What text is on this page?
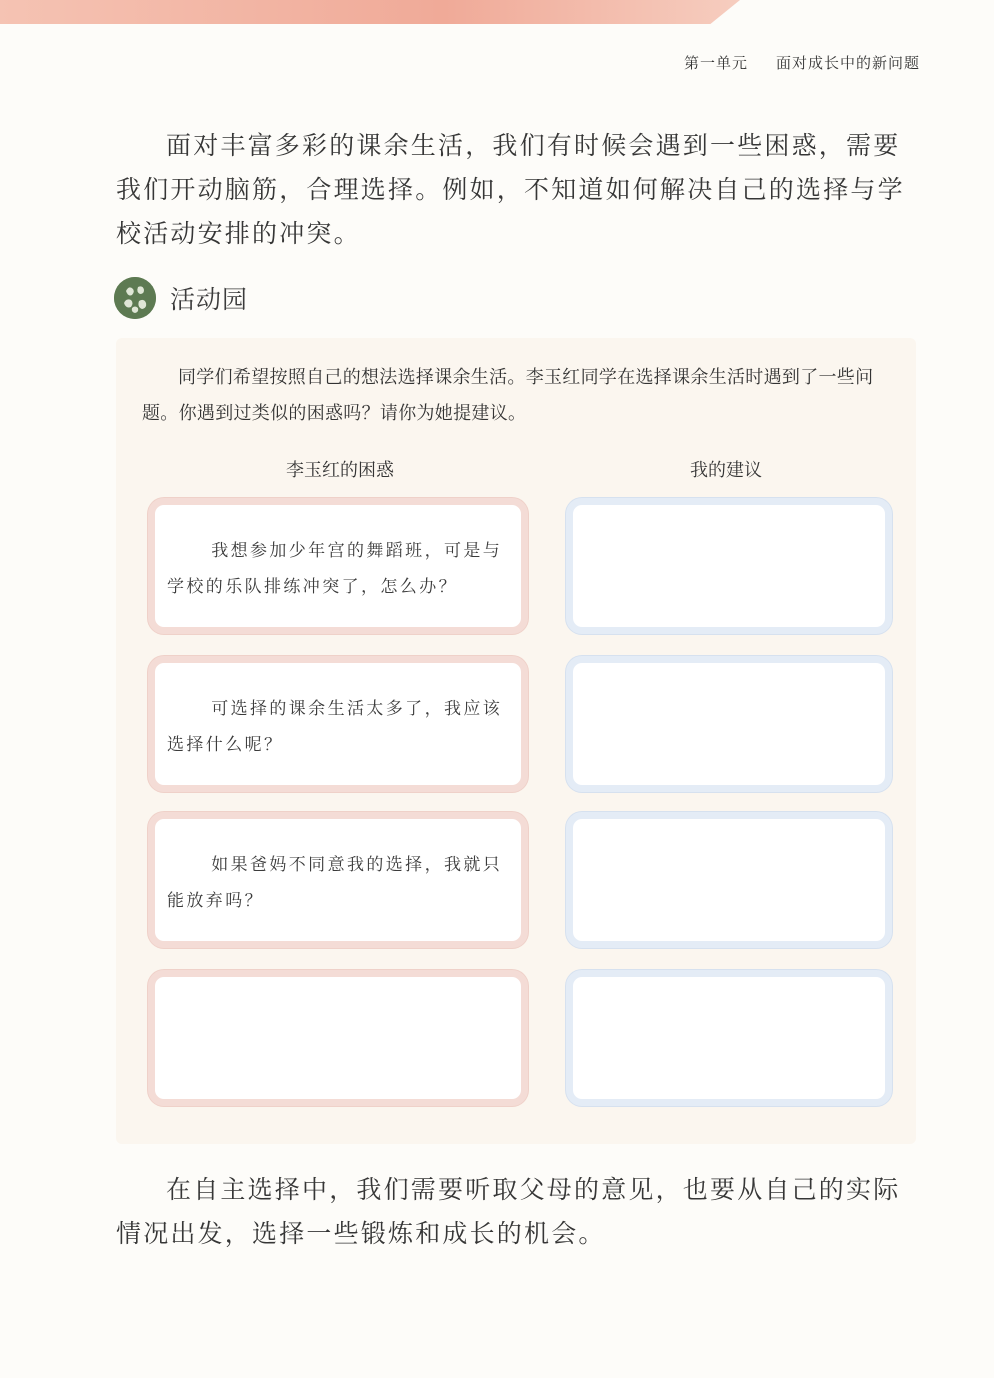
第一单元 面对成长中的新问题

面对丰富多彩的课余生活，我们有时候会遇到一些困惑，需要我们开动脑筋，合理选择。例如，不知道如何解决自己的选择与学校活动安排的冲突。

活动园

同学们希望按照自己的想法选择课余生活。李玉红同学在选择课余生活时遇到了一些问题。你遇到过类似的困惑吗？请你为她提建议。

李玉红的困惑	我的建议

我想参加少年宫的舞蹈班，可是与学校的乐队排练冲突了，怎么办？

可选择的课余生活太多了，我应该选择什么呢？

如果爸妈不同意我的选择，我就只能放弃吗？

在自主选择中，我们需要听取父母的意见，也要从自己的实际情况出发，选择一些锻炼和成长的机会。
